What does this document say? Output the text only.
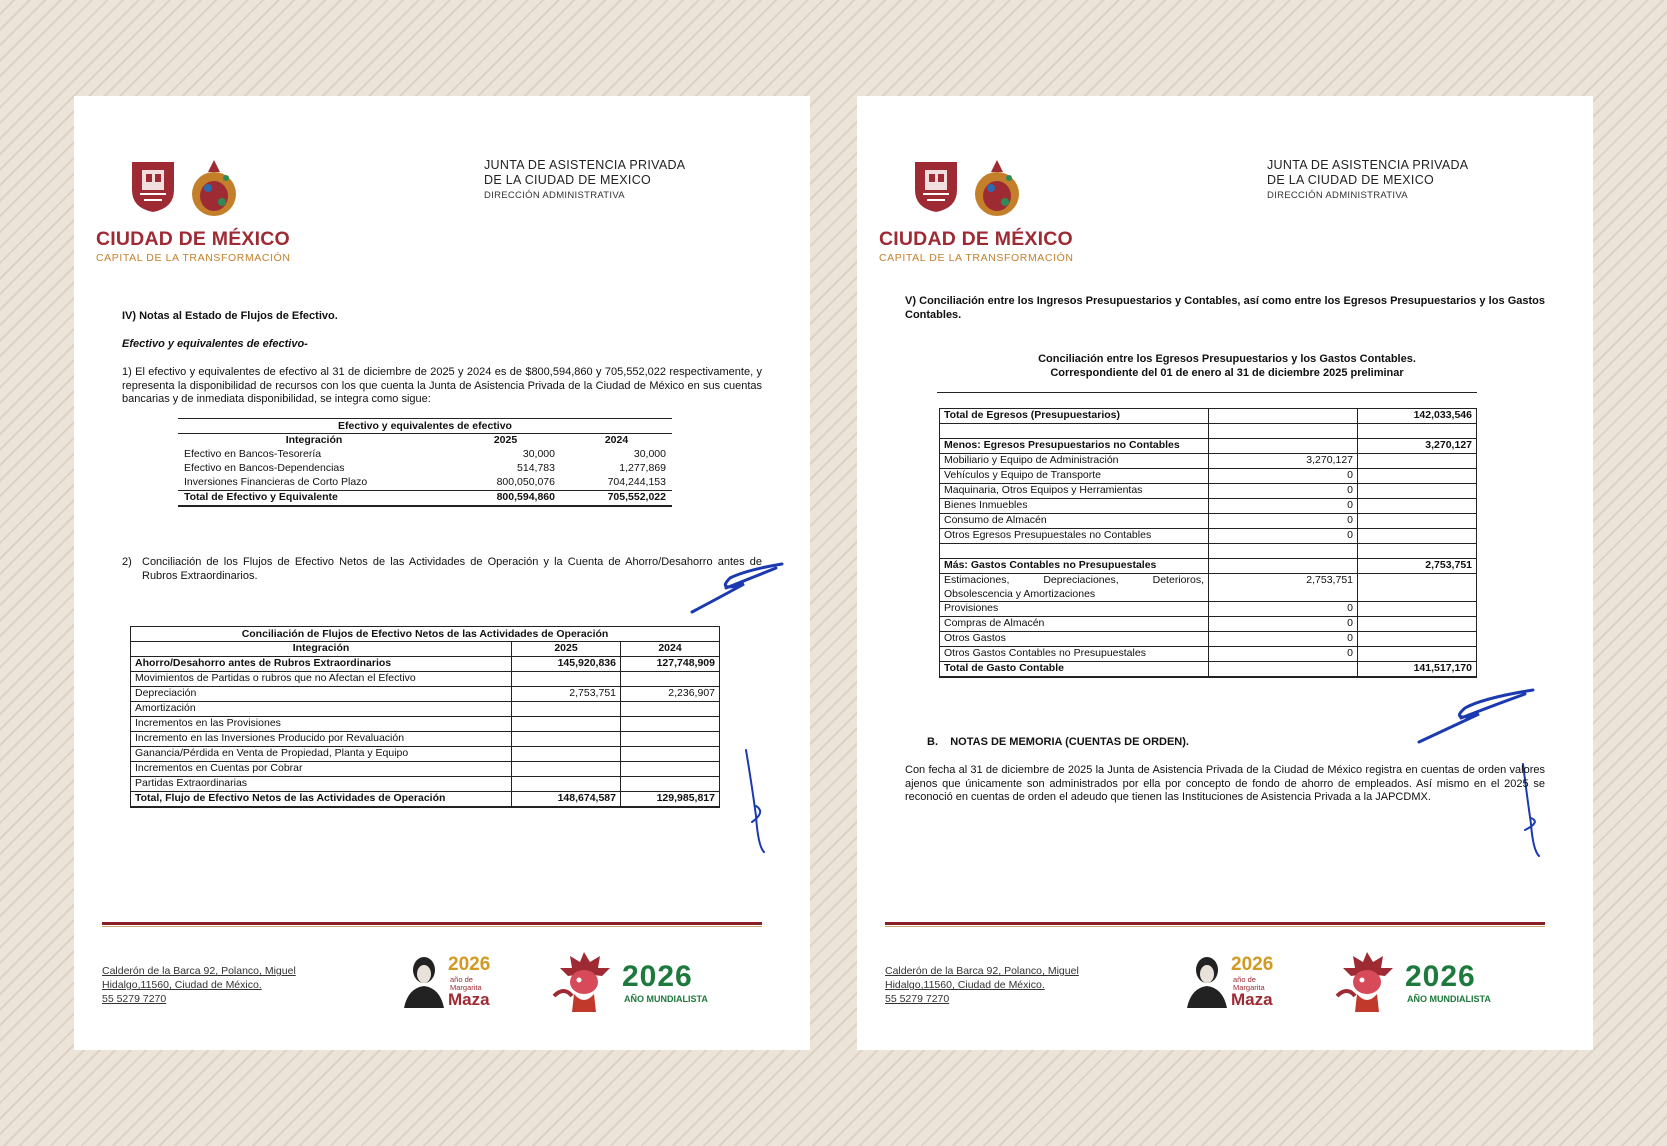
CIUDAD DE MÉXICO
CAPITAL DE LA TRANSFORMACIÓN
JUNTA DE ASISTENCIA PRIVADA
DE LA CIUDAD DE MEXICO
DIRECCIÓN ADMINISTRATIVA
IV) Notas al Estado de Flujos de Efectivo.
Efectivo y equivalentes de efectivo-
1) El efectivo y equivalentes de efectivo al 31 de diciembre de 2025 y 2024 es de $800,594,860 y 705,552,022 respectivamente, y representa la disponibilidad de recursos con los que cuenta la Junta de Asistencia Privada de la Ciudad de México en sus cuentas bancarias y de inmediata disponibilidad, se integra como sigue:
Efectivo y equivalentes de efectivo
Integración	2025	2024
Efectivo en Bancos-Tesorería	30,000	30,000
Efectivo en Bancos-Dependencias	514,783	1,277,869
Inversiones Financieras de Corto Plazo	800,050,076	704,244,153
Total de Efectivo y Equivalente	800,594,860	705,552,022
2) Conciliación de los Flujos de Efectivo Netos de las Actividades de Operación y la Cuenta de Ahorro/Desahorro antes de Rubros Extraordinarios.
Conciliación de Flujos de Efectivo Netos de las Actividades de Operación
Integración	2025	2024
Ahorro/Desahorro antes de Rubros Extraordinarios	145,920,836	127,748,909
Movimientos de Partidas o rubros que no Afectan el Efectivo		
Depreciación	2,753,751	2,236,907
Amortización		
Incrementos en las Provisiones		
Incremento en las Inversiones Producido por Revaluación		
Ganancia/Pérdida en Venta de Propiedad, Planta y Equipo		
Incrementos en Cuentas por Cobrar		
Partidas Extraordinarias		
Total, Flujo de Efectivo Netos de las Actividades de Operación	148,674,587	129,985,817
Calderón de la Barca 92, Polanco, Miguel
Hidalgo,11560, Ciudad de México.
55 5279 7270
2026
año de
Margarita
Maza
2026
AÑO MUNDIALISTA
CIUDAD DE MÉXICO
CAPITAL DE LA TRANSFORMACIÓN
JUNTA DE ASISTENCIA PRIVADA
DE LA CIUDAD DE MEXICO
DIRECCIÓN ADMINISTRATIVA
V) Conciliación entre los Ingresos Presupuestarios y Contables, así como entre los Egresos Presupuestarios y los Gastos Contables.
Conciliación entre los Egresos Presupuestarios y los Gastos Contables.
Correspondiente del 01 de enero al 31 de diciembre 2025 preliminar
Total de Egresos (Presupuestarios)		142,033,546

Menos: Egresos Presupuestarios no Contables		3,270,127
Mobiliario y Equipo de Administración	3,270,127	
Vehículos y Equipo de Transporte	0	
Maquinaria, Otros Equipos y Herramientas	0	
Bienes Inmuebles	0	
Consumo de Almacén	0	
Otros Egresos Presupuestales no Contables	0	

Más: Gastos Contables no Presupuestales		2,753,751
Estimaciones, Depreciaciones, Deterioros, Obsolescencia y Amortizaciones	2,753,751	
Provisiones	0	
Compras de Almacén	0	
Otros Gastos	0	
Otros Gastos Contables no Presupuestales	0	
Total de Gasto Contable		141,517,170
B.    NOTAS DE MEMORIA (CUENTAS DE ORDEN).
Con fecha al 31 de diciembre de 2025 la Junta de Asistencia Privada de la Ciudad de México registra en cuentas de orden valores ajenos que únicamente son administrados por ella por concepto de fondo de ahorro de empleados. Así mismo en el 2025 se reconoció en cuentas de orden el adeudo que tienen las Instituciones de Asistencia Privada a la JAPCDMX.
Calderón de la Barca 92, Polanco, Miguel
Hidalgo,11560, Ciudad de México.
55 5279 7270
2026
año de
Margarita
Maza
2026
AÑO MUNDIALISTA
